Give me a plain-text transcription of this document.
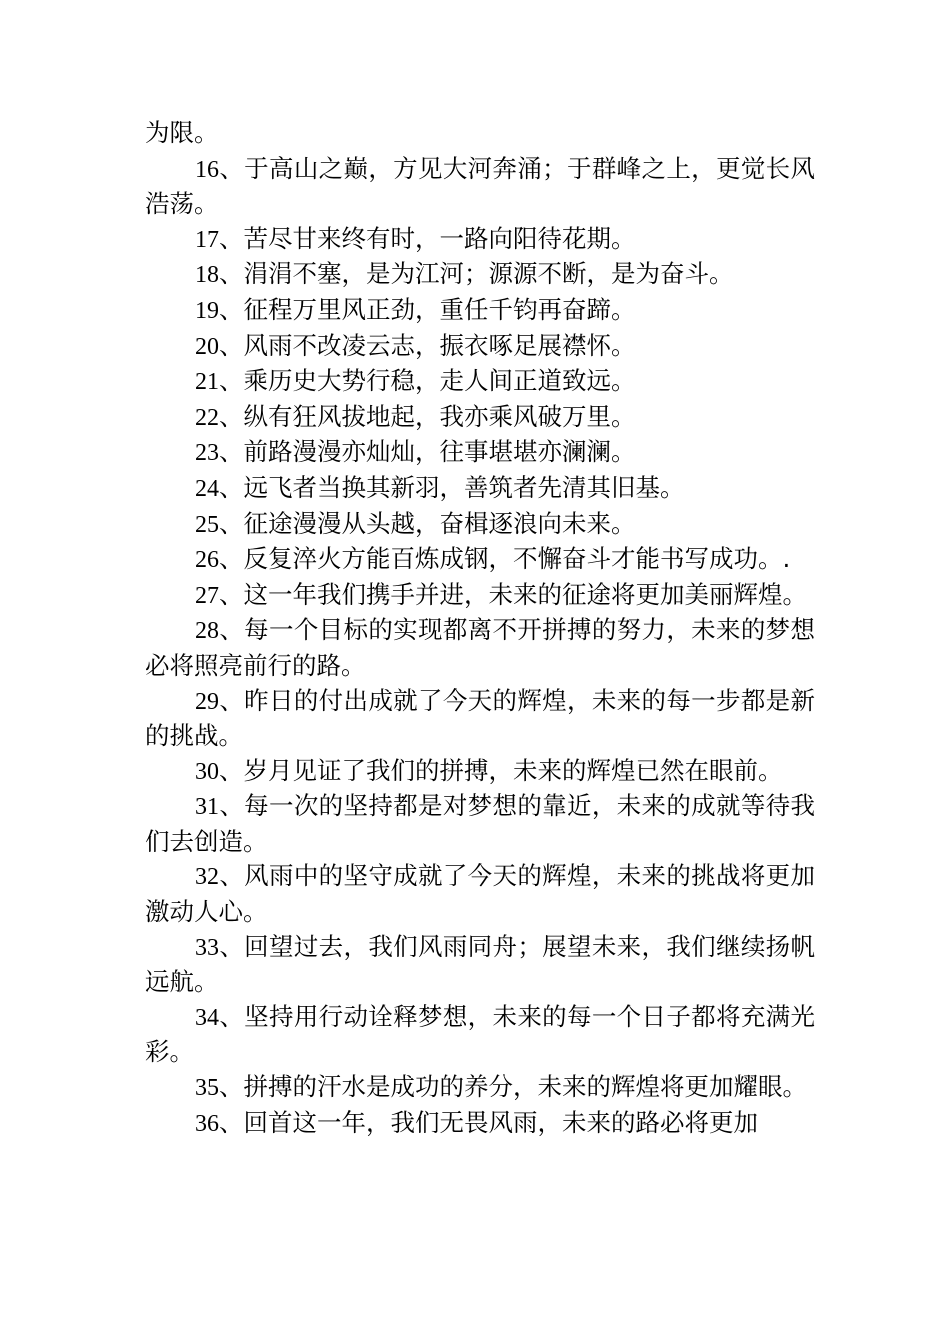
为限。

16、于高山之巅，方见大河奔涌；于群峰之上，更觉长风浩荡。

17、苦尽甘来终有时，一路向阳待花期。

18、涓涓不塞，是为江河；源源不断，是为奋斗。

19、征程万里风正劲，重任千钧再奋蹄。

20、风雨不改凌云志，振衣啄足展襟怀。

21、乘历史大势行稳，走人间正道致远。

22、纵有狂风拔地起，我亦乘风破万里。

23、前路漫漫亦灿灿，往事堪堪亦澜澜。

24、远飞者当换其新羽，善筑者先清其旧基。

25、征途漫漫从头越，奋楫逐浪向未来。

26、反复淬火方能百炼成钢，不懈奋斗才能书写成功。.

27、这一年我们携手并进，未来的征途将更加美丽辉煌。

28、每一个目标的实现都离不开拼搏的努力，未来的梦想必将照亮前行的路。

29、昨日的付出成就了今天的辉煌，未来的每一步都是新的挑战。

30、岁月见证了我们的拼搏，未来的辉煌已然在眼前。

31、每一次的坚持都是对梦想的靠近，未来的成就等待我们去创造。

32、风雨中的坚守成就了今天的辉煌，未来的挑战将更加激动人心。

33、回望过去，我们风雨同舟；展望未来，我们继续扬帆远航。

34、坚持用行动诠释梦想，未来的每一个日子都将充满光彩。

35、拼搏的汗水是成功的养分，未来的辉煌将更加耀眼。

36、回首这一年，我们无畏风雨，未来的路必将更加
